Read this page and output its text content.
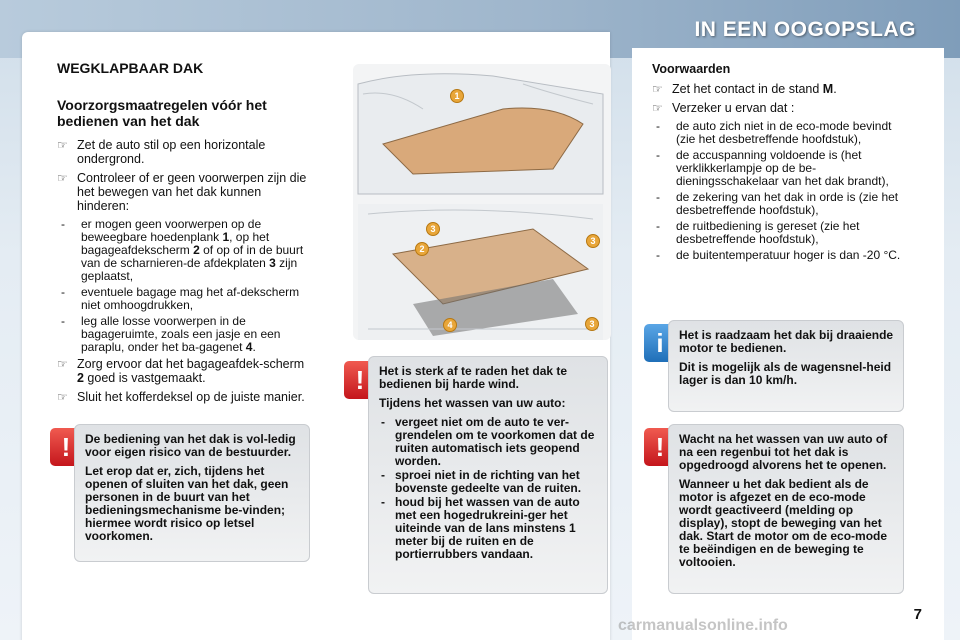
IN EEN OOGOPSLAG
WEGKLAPBAAR DAK
Voorzorgsmaatregelen vóór het bedienen van het dak
☞ Zet de auto stil op een horizontale ondergrond.
☞ Controleer of er geen voorwerpen zijn die het bewegen van het dak kunnen hinderen:
- er mogen geen voorwerpen op de beweegbare hoedenplank 1, op het bagageafdekscherm 2 of op of in de buurt van de scharnieren-de afdekplaten 3 zijn geplaatst,
- eventuele bagage mag het af-dekscherm niet omhoogdrukken,
- leg alle losse voorwerpen in de bagageruimte, zoals een jasje en een paraplu, onder het ba-gagenet 4.
☞ Zorg ervoor dat het bagageafdek-scherm 2 goed is vastgemaakt.
☞ Sluit het kofferdeksel op de juiste manier.
!	De bediening van het dak is vol-ledig voor eigen risico van de bestuurder.
Let erop dat er, zich, tijdens het openen of sluiten van het dak, geen personen in de buurt van het bedieningsmechanisme be-vinden; hiermee wordt risico op letsel voorkomen.
1
3
2
3
4	3
!	Het is sterk af te raden het dak te bedienen bij harde wind.
Tijdens het wassen van uw auto:
- vergeet niet om de auto te ver-grendelen om te voorkomen dat de ruiten automatisch iets geopend worden.
- sproei niet in de richting van het bovenste gedeelte van de ruiten.
- houd bij het wassen van de auto met een hogedrukreini-ger het uiteinde van de lans minstens 1 meter bij de ruiten en de portierrubbers vandaan.
Voorwaarden
☞ Zet het contact in de stand M.
☞ Verzeker u ervan dat :
- de auto zich niet in de eco-mode bevindt (zie het desbetreffende hoofdstuk),
- de accuspanning voldoende is (het verklikkerlampje op de be-dieningsschakelaar van het dak brandt),
- de zekering van het dak in orde is (zie het desbetreffende hoofdstuk),
- de ruitbediening is gereset (zie het desbetreffende hoofdstuk),
- de buitentemperatuur hoger is dan -20 °C.
i	Het is raadzaam het dak bij draaiende motor te bedienen.
Dit is mogelijk als de wagensnel-heid lager is dan 10 km/h.
!	Wacht na het wassen van uw auto of na een regenbui tot het dak is opgedroogd alvorens het te openen.
Wanneer u het dak bedient als de motor is afgezet en de eco-mode wordt geactiveerd (melding op display), stopt de beweging van het dak. Start de motor om de eco-mode te beëindigen en de beweging te voltooien.
7
carmanualsonline.info
